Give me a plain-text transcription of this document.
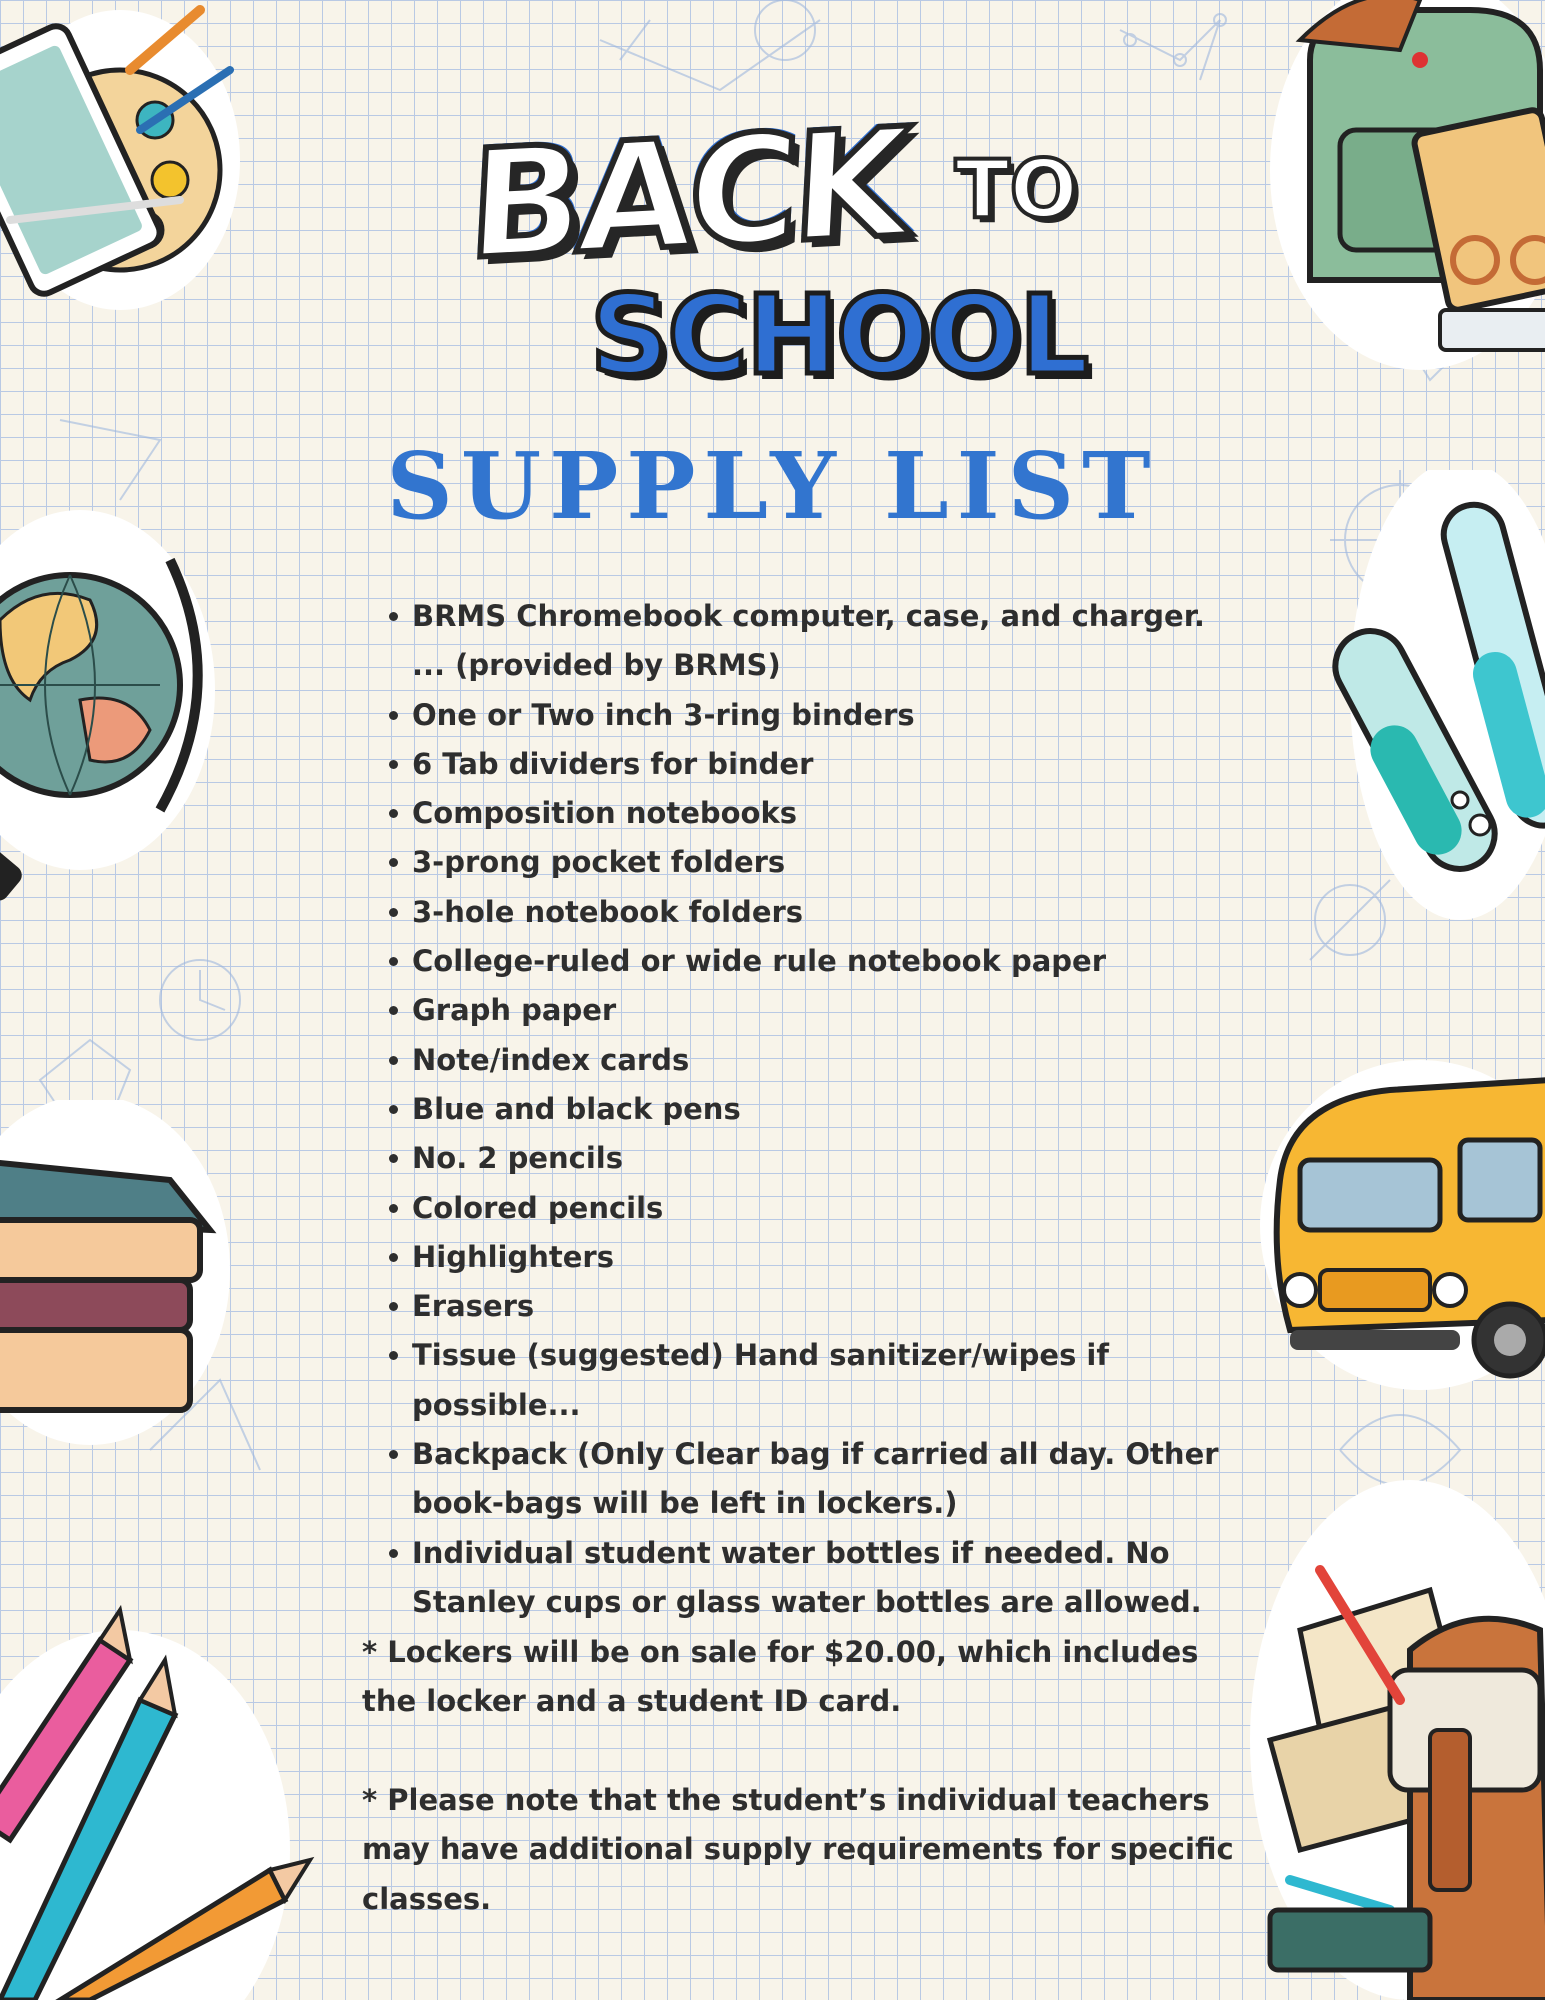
BACK TO
SCHOOL
SUPPLY LIST
BRMS Chromebook computer, case, and charger. ... (provided by BRMS)
One or Two inch 3-ring binders
6 Tab dividers for binder
Composition notebooks
3-prong pocket folders
3-hole notebook folders
College-ruled or wide rule notebook paper
Graph paper
Note/index cards
Blue and black pens
No. 2 pencils
Colored pencils
Highlighters
Erasers
Tissue (suggested) Hand sanitizer/wipes if possible...
Backpack (Only Clear bag if carried all day. Other book-bags will be left in lockers.)
Individual student water bottles if needed. No Stanley cups or glass water bottles are allowed.

* Lockers will be on sale for $20.00, which includes the locker and a student ID card.

* Please note that the student’s individual teachers may have additional supply requirements for specific classes.
